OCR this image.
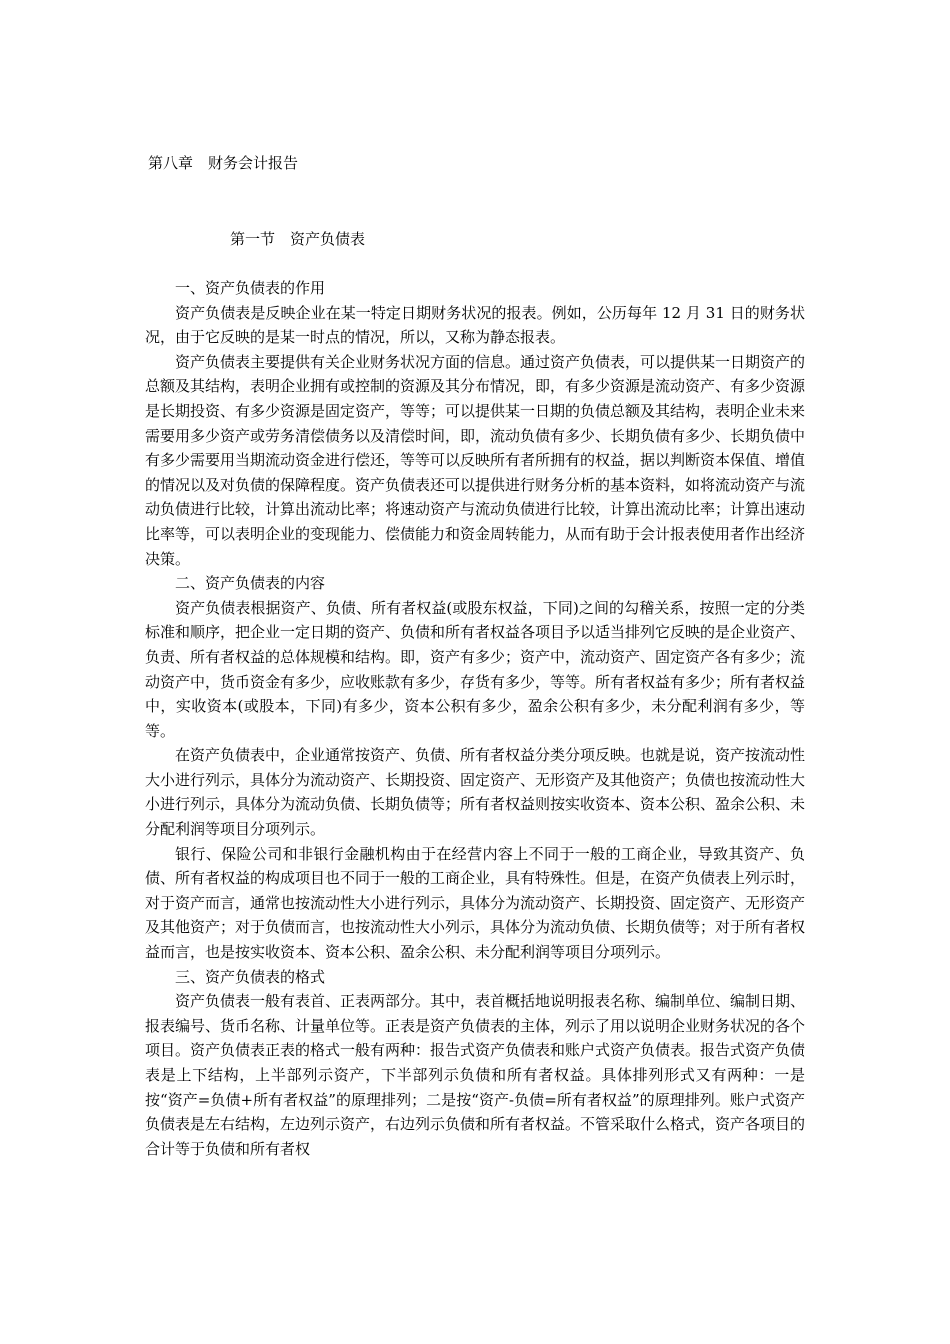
第八章　财务会计报告
第一节　资产负债表

一、资产负债表的作用

资产负债表是反映企业在某一特定日期财务状况的报表。例如，公历每年 12 月 31 日的财务状况，由于它反映的是某一时点的情况，所以，又称为静态报表。

资产负债表主要提供有关企业财务状况方面的信息。通过资产负债表，可以提供某一日期资产的总额及其结构，表明企业拥有或控制的资源及其分布情况，即，有多少资源是流动资产、有多少资源是长期投资、有多少资源是固定资产，等等；可以提供某一日期的负债总额及其结构，表明企业未来需要用多少资产或劳务清偿债务以及清偿时间，即，流动负债有多少、长期负债有多少、长期负债中有多少需要用当期流动资金进行偿还，等等可以反映所有者所拥有的权益，据以判断资本保值、增值的情况以及对负债的保障程度。资产负债表还可以提供进行财务分析的基本资料，如将流动资产与流动负债进行比较，计算出流动比率；将速动资产与流动负债进行比较，计算出流动比率；计算出速动比率等，可以表明企业的变现能力、偿债能力和资金周转能力，从而有助于会计报表使用者作出经济决策。

二、资产负债表的内容

资产负债表根据资产、负债、所有者权益(或股东权益，下同)之间的勾稽关系，按照一定的分类标准和顺序，把企业一定日期的资产、负债和所有者权益各项目予以适当排列它反映的是企业资产、负责、所有者权益的总体规模和结构。即，资产有多少；资产中，流动资产、固定资产各有多少；流动资产中，货币资金有多少，应收账款有多少，存货有多少，等等。所有者权益有多少；所有者权益中，实收资本(或股本，下同)有多少，资本公积有多少，盈余公积有多少，未分配利润有多少，等等。

在资产负债表中，企业通常按资产、负债、所有者权益分类分项反映。也就是说，资产按流动性大小进行列示，具体分为流动资产、长期投资、固定资产、无形资产及其他资产；负债也按流动性大小进行列示，具体分为流动负债、长期负债等；所有者权益则按实收资本、资本公积、盈余公积、未分配利润等项目分项列示。

银行、保险公司和非银行金融机构由于在经营内容上不同于一般的工商企业，导致其资产、负债、所有者权益的构成项目也不同于一般的工商企业，具有特殊性。但是，在资产负债表上列示时，对于资产而言，通常也按流动性大小进行列示，具体分为流动资产、长期投资、固定资产、无形资产及其他资产；对于负债而言，也按流动性大小列示，具体分为流动负债、长期负债等；对于所有者权益而言，也是按实收资本、资本公积、盈余公积、未分配利润等项目分项列示。

三、资产负债表的格式

资产负债表一般有表首、正表两部分。其中，表首概括地说明报表名称、编制单位、编制日期、报表编号、货币名称、计量单位等。正表是资产负债表的主体，列示了用以说明企业财务状况的各个项目。资产负债表正表的格式一般有两种：报告式资产负债表和账户式资产负债表。报告式资产负债表是上下结构，上半部列示资产，下半部列示负债和所有者权益。具体排列形式又有两种：一是按“资产=负债+所有者权益”的原理排列；二是按“资产-负债=所有者权益”的原理排列。账户式资产负债表是左右结构，左边列示资产，右边列示负债和所有者权益。不管采取什么格式，资产各项目的合计等于负债和所有者权
